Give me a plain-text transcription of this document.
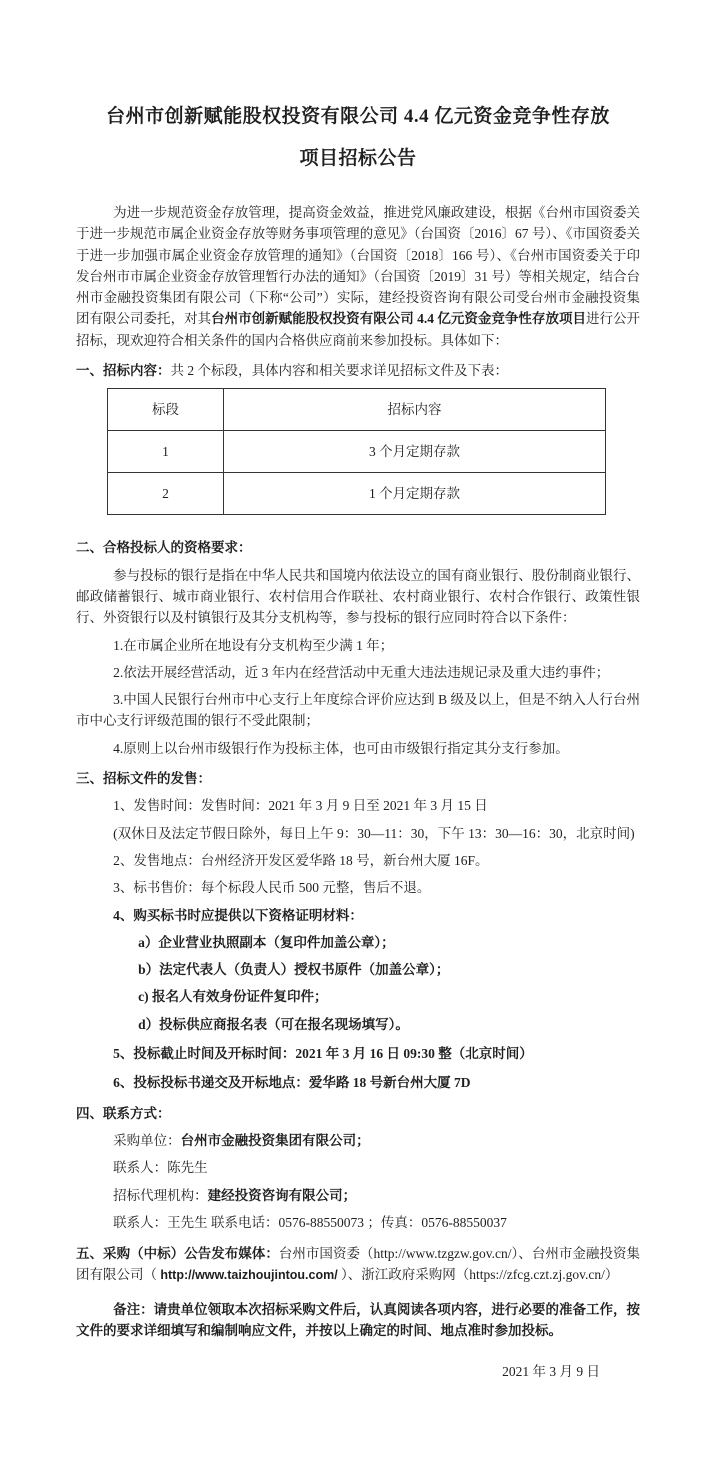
台州市创新赋能股权投资有限公司 4.4 亿元资金竞争性存放
项目招标公告

为进一步规范资金存放管理，提高资金效益，推进党风廉政建设，根据《台州市国资委关于进一步规范市属企业资金存放等财务事项管理的意见》（台国资〔2016〕67 号）、《市国资委关于进一步加强市属企业资金存放管理的通知》（台国资〔2018〕166 号）、《台州市国资委关于印发台州市市属企业资金存放管理暂行办法的通知》（台国资〔2019〕31 号）等相关规定，结合台州市金融投资集团有限公司（下称“公司”）实际，建经投资咨询有限公司受台州市金融投资集团有限公司委托，对其台州市创新赋能股权投资有限公司 4.4 亿元资金竞争性存放项目进行公开招标，现欢迎符合相关条件的国内合格供应商前来参加投标。具体如下：

一、招标内容：共 2 个标段，具体内容和相关要求详见招标文件及下表：

标段	招标内容
1	3 个月定期存款
2	1 个月定期存款

二、合格投标人的资格要求：

参与投标的银行是指在中华人民共和国境内依法设立的国有商业银行、股份制商业银行、邮政储蓄银行、城市商业银行、农村信用合作联社、农村商业银行、农村合作银行、政策性银行、外资银行以及村镇银行及其分支机构等，参与投标的银行应同时符合以下条件：

1.在市属企业所在地设有分支机构至少满 1 年；

2.依法开展经营活动，近 3 年内在经营活动中无重大违法违规记录及重大违约事件；

3.中国人民银行台州市中心支行上年度综合评价应达到 B 级及以上，但是不纳入人行台州市中心支行评级范围的银行不受此限制；

4.原则上以台州市级银行作为投标主体，也可由市级银行指定其分支行参加。

三、招标文件的发售：

1、发售时间：发售时间：2021 年 3 月 9 日至 2021 年 3 月 15 日

(双休日及法定节假日除外，每日上午 9：30—11：30，下午 13：30—16：30，北京时间)

2、发售地点：台州经济开发区爱华路 18 号，新台州大厦 16F。

3、标书售价：每个标段人民币 500 元整，售后不退。

4、购买标书时应提供以下资格证明材料：

a）企业营业执照副本（复印件加盖公章）；

b）法定代表人（负责人）授权书原件（加盖公章）；

c) 报名人有效身份证件复印件；

d）投标供应商报名表（可在报名现场填写）。

5、投标截止时间及开标时间：2021 年 3 月 16 日 09:30 整（北京时间）

6、投标投标书递交及开标地点：爱华路 18 号新台州大厦 7D

四、联系方式：

采购单位：台州市金融投资集团有限公司；

联系人：陈先生

招标代理机构：建经投资咨询有限公司；

联系人：王先生 联系电话：0576-88550073 ；传真：0576-88550037

五、采购（中标）公告发布媒体：台州市国资委（http://www.tzgzw.gov.cn/）、台州市金融投资集团有限公司（ http://www.taizhoujintou.com/ ）、浙江政府采购网（https://zfcg.czt.zj.gov.cn/）

备注：请贵单位领取本次招标采购文件后，认真阅读各项内容，进行必要的准备工作，按文件的要求详细填写和编制响应文件，并按以上确定的时间、地点准时参加投标。

2021 年 3 月 9 日
